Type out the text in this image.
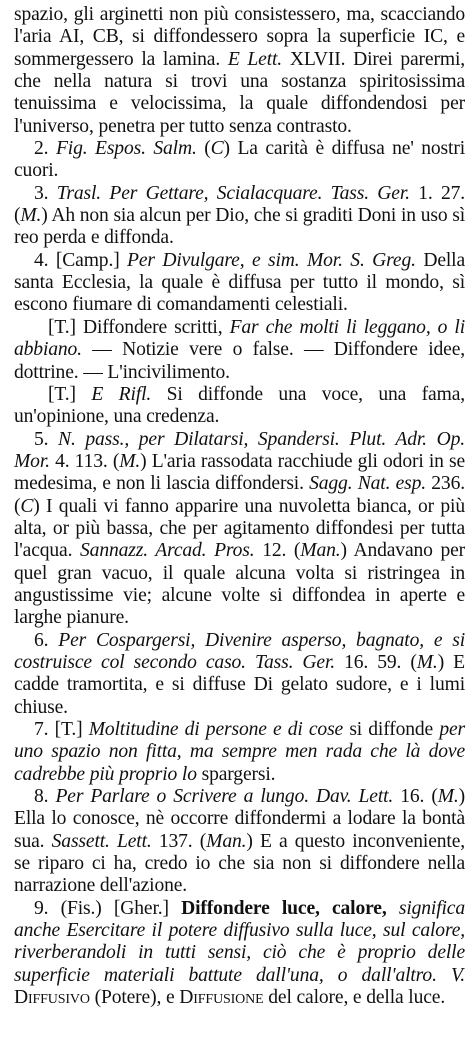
spazio, gli arginetti non più consistessero, ma, scacciando l'aria AI, CB, si diffondessero sopra la superficie IC, e sommergessero la lamina. E Lett. XLVII. Direi parermi, che nella natura si trovi una sostanza spiritosissima tenuissima e velocissima, la quale diffondendosi per l'universo, penetra per tutto senza contrasto.

2. Fig. Espos. Salm. (C) La carità è diffusa ne' nostri cuori.

3. Trasl. Per Gettare, Scialacquare. Tass. Ger. 1. 27. (M.) Ah non sia alcun per Dio, che si graditi Doni in uso sì reo perda e diffonda.

4. [Camp.] Per Divulgare, e sim. Mor. S. Greg. Della santa Ecclesia, la quale è diffusa per tutto il mondo, sì escono fiumare di comandamenti celestiali.

[T.] Diffondere scritti, Far che molti li leggano, o li abbiano. — Notizie vere o false. — Diffondere idee, dottrine. — L'incivilimento.

[T.] E Rifl. Si diffonde una voce, una fama, un'opinione, una credenza.

5. N. pass., per Dilatarsi, Spandersi. Plut. Adr. Op. Mor. 4. 113. (M.) L'aria rassodata racchiude gli odori in se medesima, e non li lascia diffondersi. Sagg. Nat. esp. 236. (C) I quali vi fanno apparire una nuvoletta bianca, or più alta, or più bassa, che per agitamento diffondesi per tutta l'acqua. Sannazz. Arcad. Pros. 12. (Man.) Andavano per quel gran vacuo, il quale alcuna volta si ristringea in angustissime vie; alcune volte si diffondea in aperte e larghe pianure.

6. Per Cospargersi, Divenire asperso, bagnato, e si costruisce col secondo caso. Tass. Ger. 16. 59. (M.) E cadde tramortita, e si diffuse Di gelato sudore, e i lumi chiuse.

7. [T.] Moltitudine di persone e di cose si diffonde per uno spazio non fitta, ma sempre men rada che là dove cadrebbe più proprio lo spargersi.

8. Per Parlare o Scrivere a lungo. Dav. Lett. 16. (M.) Ella lo conosce, nè occorre diffondermi a lodare la bontà sua. Sassett. Lett. 137. (Man.) E a questo inconveniente, se riparo ci ha, credo io che sia non si diffondere nella narrazione dell'azione.

9. (Fis.) [Gher.] Diffondere luce, calore, significa anche Esercitare il potere diffusivo sulla luce, sul calore, riverberandoli in tutti sensi, ciò che è proprio delle superficie materiali battute dall'una, o dall'altro. V. Diffusivo (Potere), e Diffusione del calore, e della luce.
